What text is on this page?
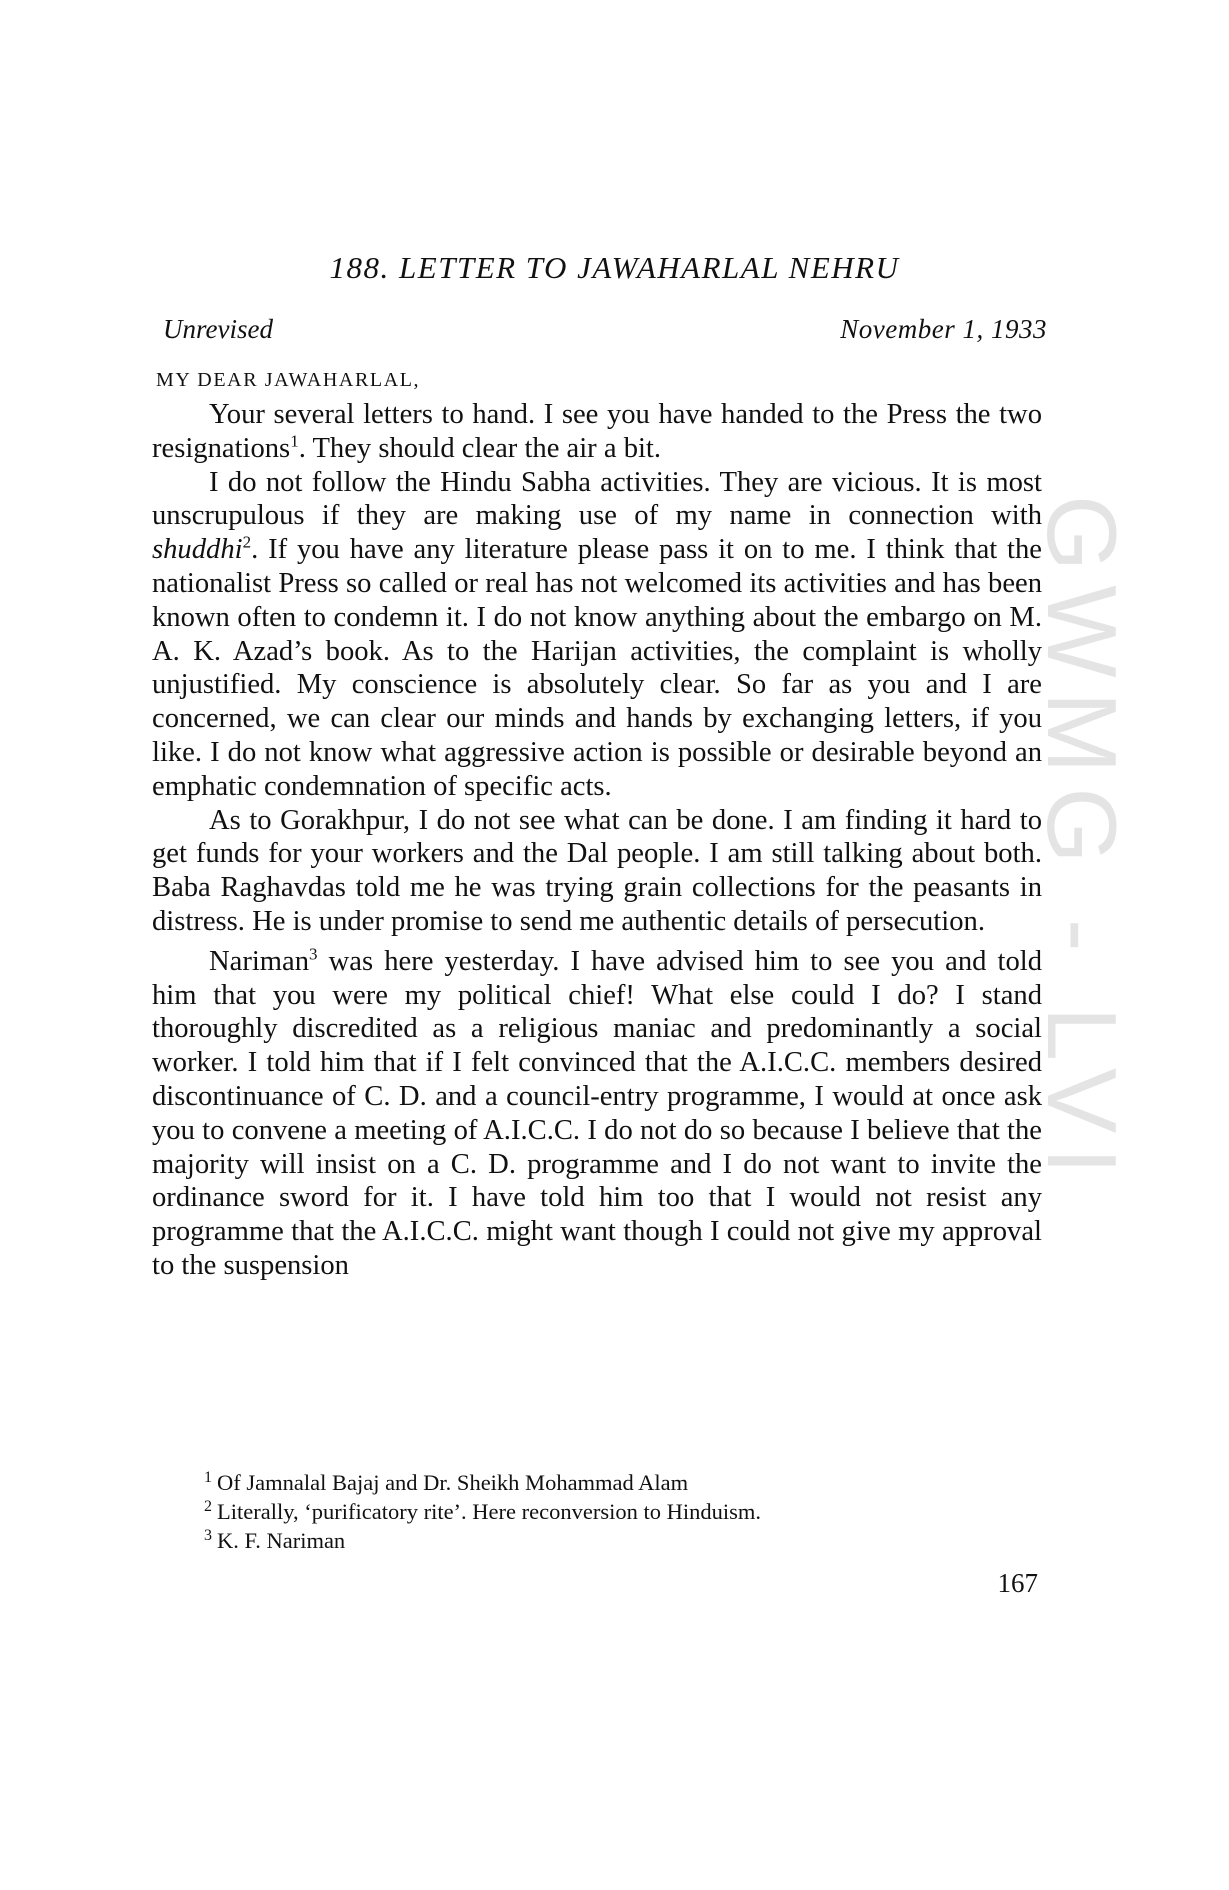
GWMG - LVI
188. LETTER TO JAWAHARLAL NEHRU
Unrevised	November 1, 1933
MY DEAR JAWAHARLAL,

Your several letters to hand. I see you have handed to the Press the two resignations$^1$. They should clear the air a bit.

I do not follow the Hindu Sabha activities. They are vicious. It is most unscrupulous if they are making use of my name in connection with shuddhi$^2$. If you have any literature please pass it on to me. I think that the nationalist Press so called or real has not welcomed its activities and has been known often to condemn it. I do not know anything about the embargo on M. A. K. Azad’s book. As to the Harijan activities, the complaint is wholly unjustified. My conscience is absolutely clear. So far as you and I are concerned, we can clear our minds and hands by exchanging letters, if you like. I do not know what aggressive action is possible or desirable beyond an emphatic condemnation of specific acts.

As to Gorakhpur, I do not see what can be done. I am finding it hard to get funds for your workers and the Dal people. I am still talking about both. Baba Raghavdas told me he was trying grain collections for the peasants in distress. He is under promise to send me authentic details of persecution.

Nariman$^3$ was here yesterday. I have advised him to see you and told him that you were my political chief! What else could I do? I stand thoroughly discredited as a religious maniac and predominantly a social worker. I told him that if I felt convinced that the A.I.C.C. members desired discontinuance of C. D. and a council-entry programme, I would at once ask you to convene a meeting of A.I.C.C. I do not do so because I believe that the majority will insist on a C. D. programme and I do not want to invite the ordinance sword for it. I have told him too that I would not resist any programme that the A.I.C.C. might want though I could not give my approval to the suspension

$^1$ Of Jamnalal Bajaj and Dr. Sheikh Mohammad Alam

$^2$ Literally, ‘purificatory rite’. Here reconversion to Hinduism.

$^3$ K. F. Nariman

167
